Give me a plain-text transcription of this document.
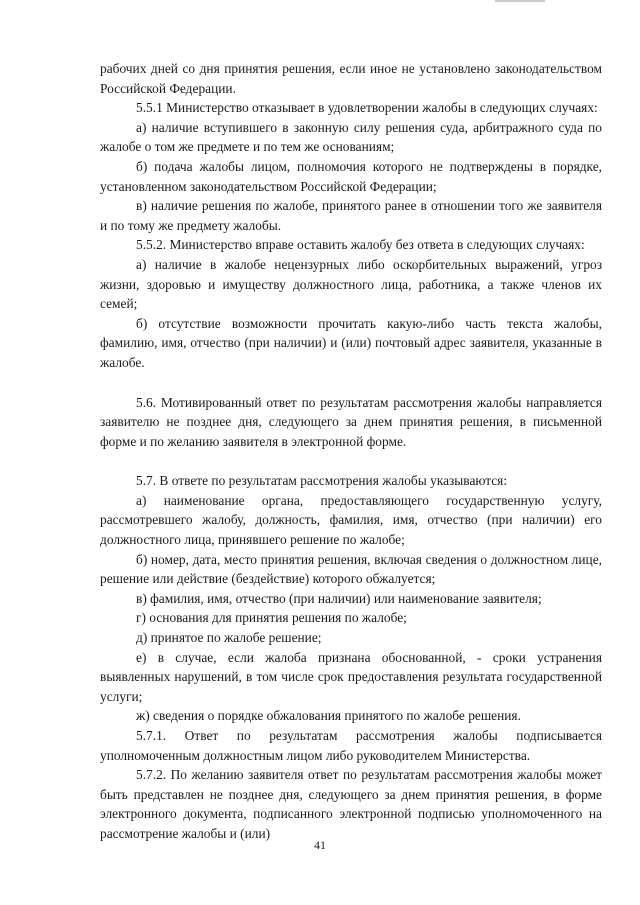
рабочих дней со дня принятия решения, если иное не установлено законодательством Российской Федерации.

5.5.1 Министерство отказывает в удовлетворении жалобы в следующих случаях:

а) наличие вступившего в законную силу решения суда, арбитражного суда по жалобе о том же предмете и по тем же основаниям;

б) подача жалобы лицом, полномочия которого не подтверждены в порядке, установленном законодательством Российской Федерации;

в) наличие решения по жалобе, принятого ранее в отношении того же заявителя и по тому же предмету жалобы.

5.5.2. Министерство вправе оставить жалобу без ответа в следующих случаях:

а) наличие в жалобе нецензурных либо оскорбительных выражений, угроз жизни, здоровью и имуществу должностного лица, работника, а также членов их семей;

б) отсутствие возможности прочитать какую-либо часть текста жалобы, фамилию, имя, отчество (при наличии) и (или) почтовый адрес заявителя, указанные в жалобе.

5.6. Мотивированный ответ по результатам рассмотрения жалобы направляется заявителю не позднее дня, следующего за днем принятия решения, в письменной форме и по желанию заявителя в электронной форме.

5.7. В ответе по результатам рассмотрения жалобы указываются:

а) наименование органа, предоставляющего государственную услугу, рассмотревшего жалобу, должность, фамилия, имя, отчество (при наличии) его должностного лица, принявшего решение по жалобе;

б) номер, дата, место принятия решения, включая сведения о должностном лице, решение или действие (бездействие) которого обжалуется;

в) фамилия, имя, отчество (при наличии) или наименование заявителя;

г) основания для принятия решения по жалобе;

д) принятое по жалобе решение;

е) в случае, если жалоба признана обоснованной, - сроки устранения выявленных нарушений, в том числе срок предоставления результата государственной услуги;

ж) сведения о порядке обжалования принятого по жалобе решения.

5.7.1. Ответ по результатам рассмотрения жалобы подписывается уполномоченным должностным лицом либо руководителем Министерства.

5.7.2. По желанию заявителя ответ по результатам рассмотрения жалобы может быть представлен не позднее дня, следующего за днем принятия решения, в форме электронного документа, подписанного электронной подписью уполномоченного на рассмотрение жалобы и (или)

41
